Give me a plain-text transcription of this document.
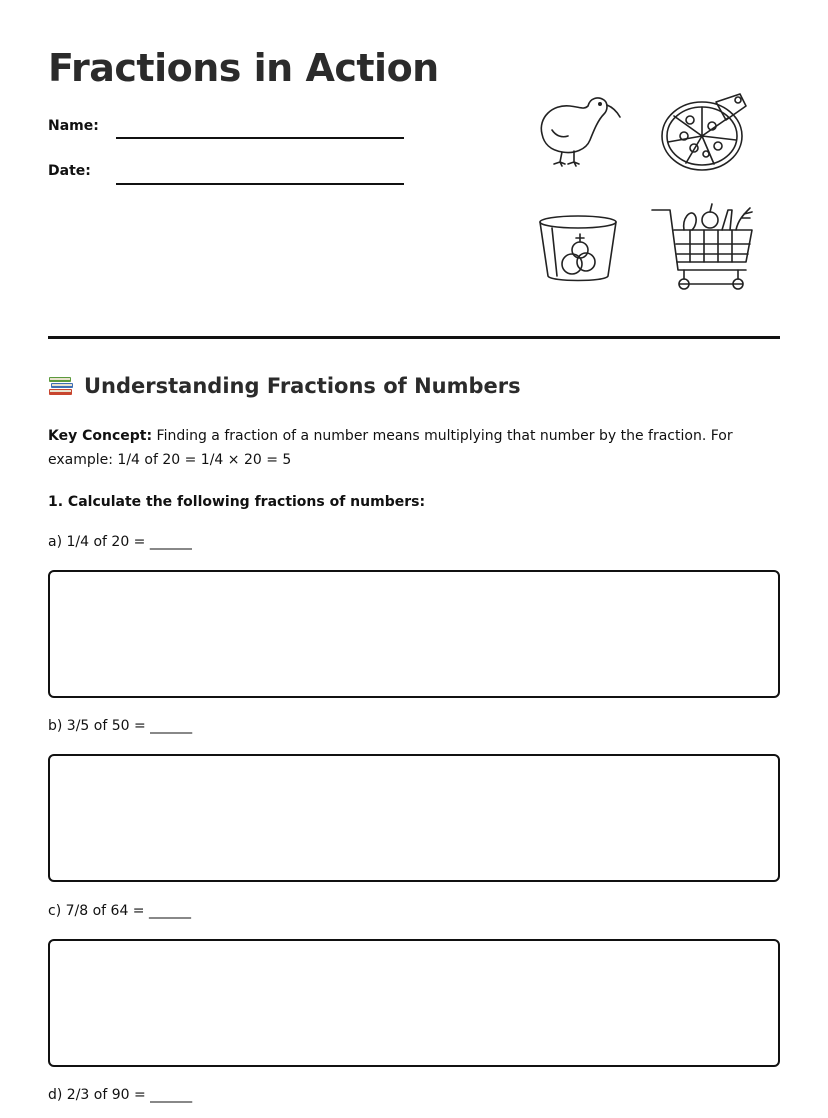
Fractions in Action
Name:
Date:
Understanding Fractions of Numbers

Key Concept: Finding a fraction of a number means multiplying that number by the fraction. For example: 1/4 of 20 = 1/4 × 20 = 5

1. Calculate the following fractions of numbers:

a) 1/4 of 20 = ______
b) 3/5 of 50 = ______
c) 7/8 of 64 = ______
d) 2/3 of 90 = ______
